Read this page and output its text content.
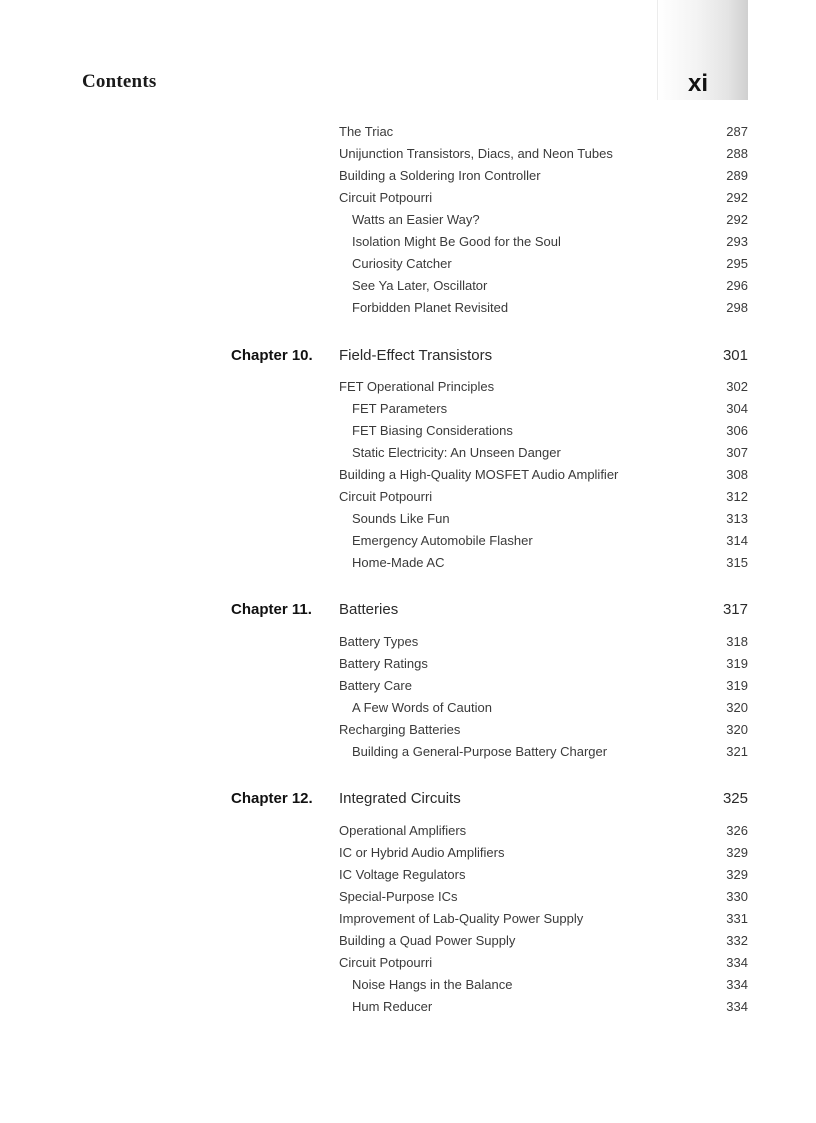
Contents	xi
The Triac	287
Unijunction Transistors, Diacs, and Neon Tubes	288
Building a Soldering Iron Controller	289
Circuit Potpourri	292
Watts an Easier Way?	292
Isolation Might Be Good for the Soul	293
Curiosity Catcher	295
See Ya Later, Oscillator	296
Forbidden Planet Revisited	298
Chapter 10.	Field-Effect Transistors	301
FET Operational Principles	302
FET Parameters	304
FET Biasing Considerations	306
Static Electricity: An Unseen Danger	307
Building a High-Quality MOSFET Audio Amplifier	308
Circuit Potpourri	312
Sounds Like Fun	313
Emergency Automobile Flasher	314
Home-Made AC	315
Chapter 11.	Batteries	317
Battery Types	318
Battery Ratings	319
Battery Care	319
A Few Words of Caution	320
Recharging Batteries	320
Building a General-Purpose Battery Charger	321
Chapter 12.	Integrated Circuits	325
Operational Amplifiers	326
IC or Hybrid Audio Amplifiers	329
IC Voltage Regulators	329
Special-Purpose ICs	330
Improvement of Lab-Quality Power Supply	331
Building a Quad Power Supply	332
Circuit Potpourri	334
Noise Hangs in the Balance	334
Hum Reducer	334
